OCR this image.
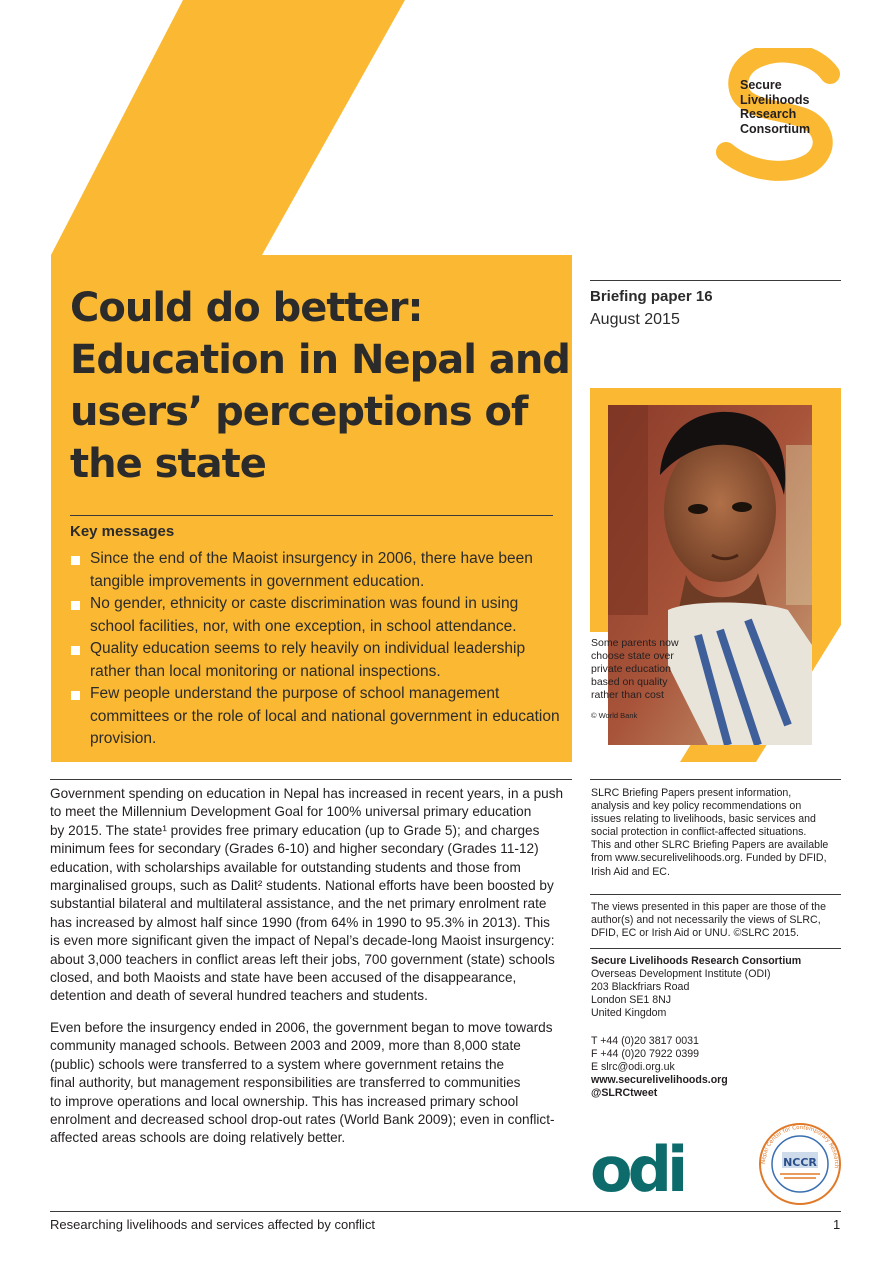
Secure
Livelihoods
Research
Consortium
Could do better:
Education in Nepal and
users’ perceptions of
the state
Key messages
Since the end of the Maoist insurgency in 2006, there have been tangible improvements in government education.
No gender, ethnicity or caste discrimination was found in using school facilities, nor, with one exception, in school attendance.
Quality education seems to rely heavily on individual leadership rather than local monitoring or national inspections.
Few people understand the purpose of school management committees or the role of local and national government in education provision.
Briefing paper 16
August 2015
Some parents now
choose state over
private education
based on quality
rather than cost
© World Bank

Government spending on education in Nepal has increased in recent years, in a push
to meet the Millennium Development Goal for 100% universal primary education
by 2015. The state¹ provides free primary education (up to Grade 5); and charges
minimum fees for secondary (Grades 6-10) and higher secondary (Grades 11-12)
education, with scholarships available for outstanding students and those from
marginalised groups, such as Dalit² students. National efforts have been boosted by
substantial bilateral and multilateral assistance, and the net primary enrolment rate
has increased by almost half since 1990 (from 64% in 1990 to 95.3% in 2013). This
is even more significant given the impact of Nepal’s decade-long Maoist insurgency:
about 3,000 teachers in conflict areas left their jobs, 700 government (state) schools
closed, and both Maoists and state have been accused of the disappearance,
detention and death of several hundred teachers and students.

Even before the insurgency ended in 2006, the government began to move towards
community managed schools. Between 2003 and 2009, more than 8,000 state
(public) schools were transferred to a system where government retains the
final authority, but management responsibilities are transferred to communities
to improve operations and local ownership. This has increased primary school
enrolment and decreased school drop-out rates (World Bank 2009); even in conflict-
affected areas schools are doing relatively better.

SLRC Briefing Papers present information,
analysis and key policy recommendations on
issues relating to livelihoods, basic services and
social protection in conflict-affected situations.
This and other SLRC Briefing Papers are available
from www.securelivelihoods.org. Funded by DFID,
Irish Aid and EC.

The views presented in this paper are those of the
author(s) and not necessarily the views of SLRC,
DFID, EC or Irish Aid or UNU. ©SLRC 2015.

Secure Livelihoods Research Consortium
Overseas Development Institute (ODI)
203 Blackfriars Road
London SE1 8NJ
United Kingdom
T +44 (0)20 3817 0031
F +44 (0)20 7922 0399
E slrc@odi.org.uk
www.securelivelihoods.org
@SLRCtweet
odi	Nepal Center for Contemporary Research
NCCR
Researching livelihoods and services affected by conflict	1
